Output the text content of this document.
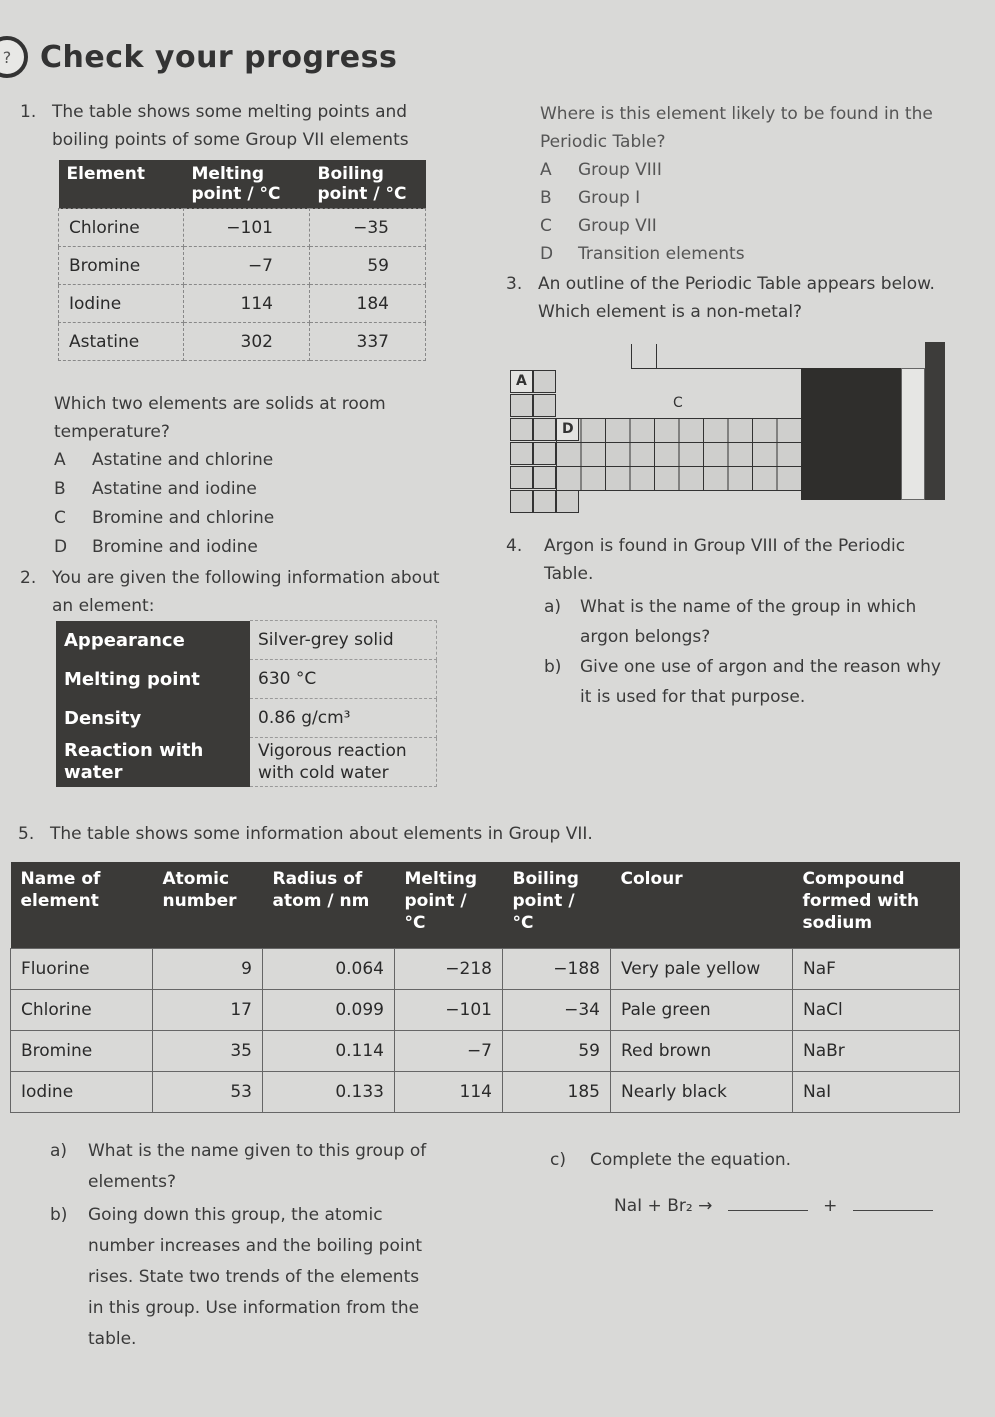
? Check your progress
1. The table shows some melting points and
boiling points of some Group VII elements
Element	Melting point / °C	Boiling point / °C
Chlorine	−101	−35
Bromine	−7	59
Iodine	114	184
Astatine	302	337
Which two elements are solids at room
temperature?
A Astatine and chlorine
B Astatine and iodine
C Bromine and chlorine
D Bromine and iodine
2. You are given the following information about
an element:
Appearance	Silver-grey solid
Melting point	630 °C
Density	0.86 g/cm³
Reaction with water	Vigorous reaction with cold water
Where is this element likely to be found in the
Periodic Table?
A Group VIII
B Group I
C Group VII
D Transition elements
3. An outline of the Periodic Table appears below.
Which element is a non-metal?
A
D
C
4. Argon is found in Group VIII of the Periodic
Table.
a) What is the name of the group in which
argon belongs?
b) Give one use of argon and the reason why
it is used for that purpose.
5. The table shows some information about elements in Group VII.
Name of element	Atomic number	Radius of atom / nm	Melting point / °C	Boiling point / °C	Colour	Compound formed with sodium
Fluorine	9	0.064	−218	−188	Very pale yellow	NaF
Chlorine	17	0.099	−101	−34	Pale green	NaCl
Bromine	35	0.114	−7	59	Red brown	NaBr
Iodine	53	0.133	114	185	Nearly black	NaI
a) What is the name given to this group of
elements?
b) Going down this group, the atomic
number increases and the boiling point
rises. State two trends of the elements
in this group. Use information from the
table.
c) Complete the equation.
NaI + Br₂ →	+
